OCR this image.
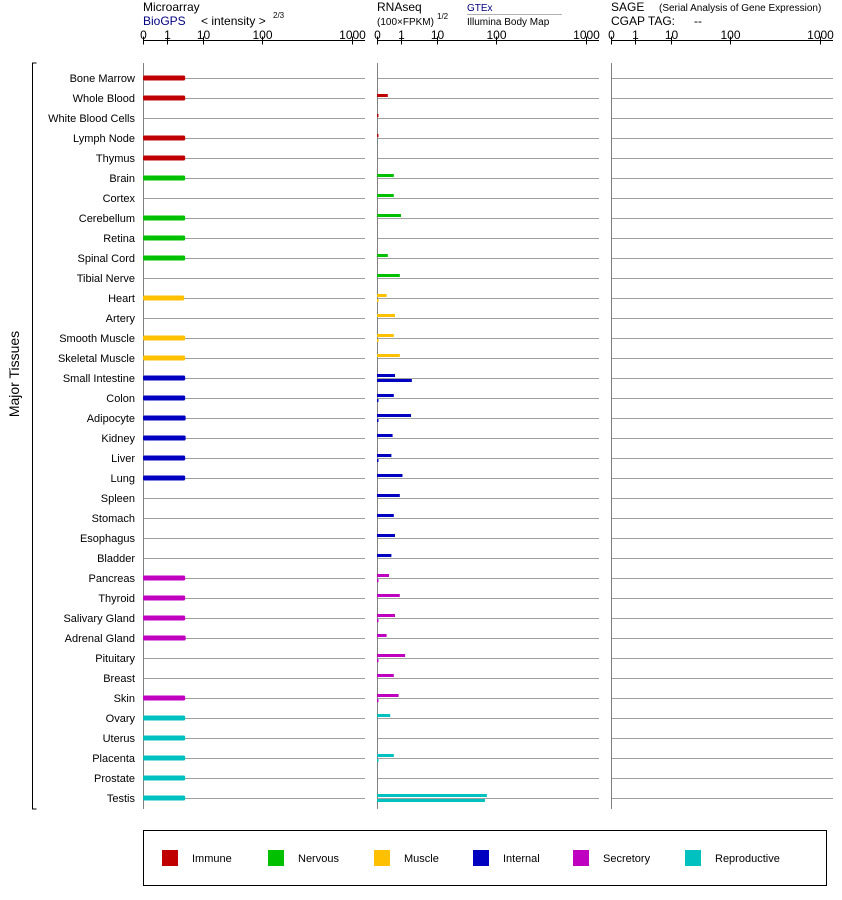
Microarray
BioGPS < intensity > 2/3
RNAseq
(100×FPKM)
1/2
GTEx
Illumina Body Map
SAGE (Serial Analysis of Gene Expression)
CGAP TAG: --
Major Tissues
0 1 10	100	1000 0 1 10	100	1000 0 1 10	100	1000
Bone Marrow
Whole Blood
White Blood Cells
Lymph Node
Thymus
Brain
Cortex
Cerebellum
Retina
Spinal Cord
Tibial Nerve
Heart
Artery
Smooth Muscle
Skeletal Muscle
Small Intestine
Colon
Adipocyte
Kidney
Liver
Lung
Spleen
Stomach
Esophagus
Bladder
Pancreas
Thyroid
Salivary Gland
Adrenal Gland
Pituitary
Breast
Skin
Ovary
Uterus
Placenta
Prostate
Testis
Immune	Nervous	Muscle	Internal	Secretory	Reproductive
